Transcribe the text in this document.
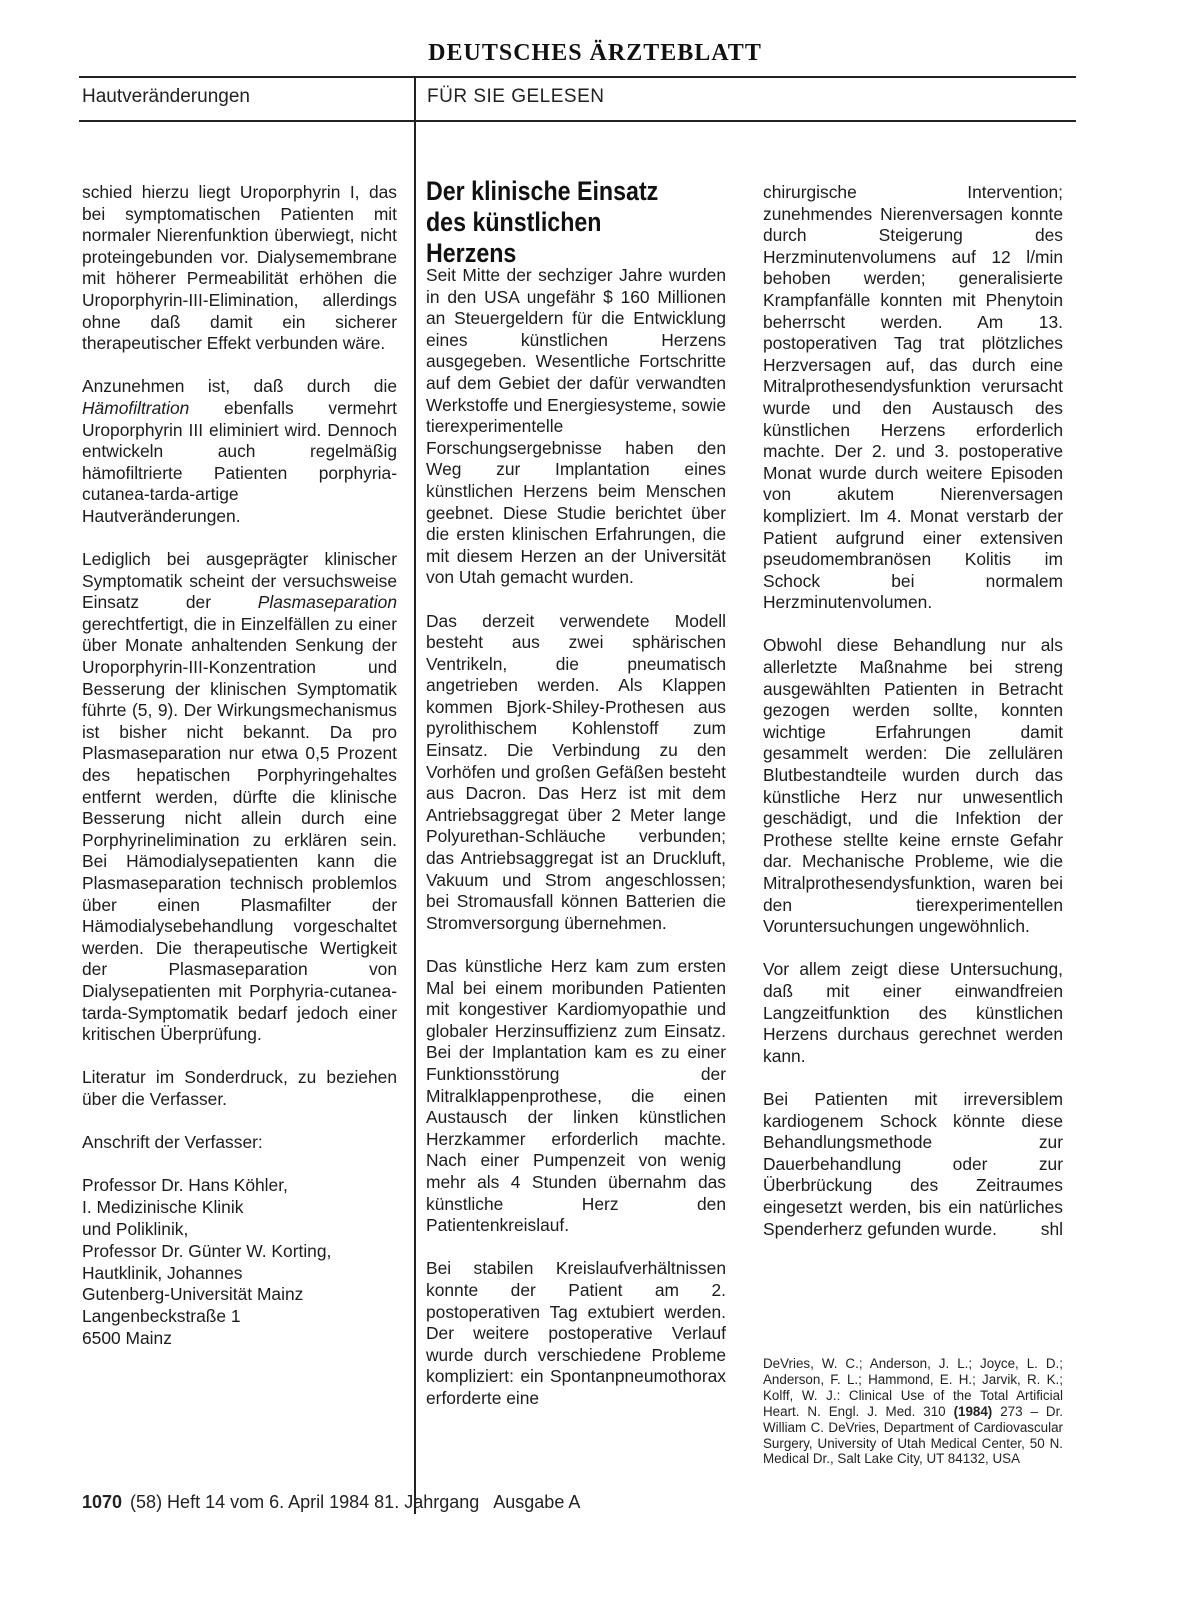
DEUTSCHES ÄRZTEBLATT
Hautveränderungen	FÜR SIE GELESEN

schied hierzu liegt Uroporphyrin I, das bei symptomatischen Patienten mit normaler Nierenfunktion überwiegt, nicht proteingebunden vor. Dialysemembrane mit höherer Permeabilität erhöhen die Uroporphyrin-III-Elimination, allerdings ohne daß damit ein sicherer therapeutischer Effekt verbunden wäre.

Anzunehmen ist, daß durch die Hämofiltration ebenfalls vermehrt Uroporphyrin III eliminiert wird. Dennoch entwickeln auch regelmäßig hämofiltrierte Patienten porphyria-cutanea-tarda-artige Hautveränderungen.

Lediglich bei ausgeprägter klinischer Symptomatik scheint der versuchsweise Einsatz der Plasmaseparation gerechtfertigt, die in Einzelfällen zu einer über Monate anhaltenden Senkung der Uroporphyrin-III-Konzentration und Besserung der klinischen Symptomatik führte (5, 9). Der Wirkungsmechanismus ist bisher nicht bekannt. Da pro Plasmaseparation nur etwa 0,5 Prozent des hepatischen Porphyringehaltes entfernt werden, dürfte die klinische Besserung nicht allein durch eine Porphyrinelimination zu erklären sein. Bei Hämodialysepatienten kann die Plasmaseparation technisch problemlos über einen Plasmafilter der Hämodialysebehandlung vorgeschaltet werden. Die therapeutische Wertigkeit der Plasmaseparation von Dialysepatienten mit Porphyria-cutanea-tarda-Symptomatik bedarf jedoch einer kritischen Überprüfung.

Literatur im Sonderdruck, zu beziehen über die Verfasser.

Anschrift der Verfasser:

Professor Dr. Hans Köhler,
I. Medizinische Klinik
und Poliklinik,
Professor Dr. Günter W. Korting,
Hautklinik, Johannes
Gutenberg-Universität Mainz
Langenbeckstraße 1
6500 Mainz
Der klinische Einsatz
des künstlichen Herzens

Seit Mitte der sechziger Jahre wurden in den USA ungefähr $ 160 Millionen an Steuergeldern für die Entwicklung eines künstlichen Herzens ausgegeben. Wesentliche Fortschritte auf dem Gebiet der dafür verwandten Werkstoffe und Energiesysteme, sowie tierexperimentelle Forschungsergebnisse haben den Weg zur Implantation eines künstlichen Herzens beim Menschen geebnet. Diese Studie berichtet über die ersten klinischen Erfahrungen, die mit diesem Herzen an der Universität von Utah gemacht wurden.

Das derzeit verwendete Modell besteht aus zwei sphärischen Ventrikeln, die pneumatisch angetrieben werden. Als Klappen kommen Bjork-Shiley-Prothesen aus pyrolithischem Kohlenstoff zum Einsatz. Die Verbindung zu den Vorhöfen und großen Gefäßen besteht aus Dacron. Das Herz ist mit dem Antriebsaggregat über 2 Meter lange Polyurethan-Schläuche verbunden; das Antriebsaggregat ist an Druckluft, Vakuum und Strom angeschlossen; bei Stromausfall können Batterien die Stromversorgung übernehmen.

Das künstliche Herz kam zum ersten Mal bei einem moribunden Patienten mit kongestiver Kardiomyopathie und globaler Herzinsuffizienz zum Einsatz. Bei der Implantation kam es zu einer Funktionsstörung der Mitralklappenprothese, die einen Austausch der linken künstlichen Herzkammer erforderlich machte. Nach einer Pumpenzeit von wenig mehr als 4 Stunden übernahm das künstliche Herz den Patientenkreislauf.

Bei stabilen Kreislaufverhältnissen konnte der Patient am 2. postoperativen Tag extubiert werden. Der weitere postoperative Verlauf wurde durch verschiedene Probleme kompliziert: ein Spontanpneumothorax erforderte eine

chirurgische Intervention; zunehmendes Nierenversagen konnte durch Steigerung des Herzminutenvolumens auf 12 l/min behoben werden; generalisierte Krampfanfälle konnten mit Phenytoin beherrscht werden. Am 13. postoperativen Tag trat plötzliches Herzversagen auf, das durch eine Mitralprothesendysfunktion verursacht wurde und den Austausch des künstlichen Herzens erforderlich machte. Der 2. und 3. postoperative Monat wurde durch weitere Episoden von akutem Nierenversagen kompliziert. Im 4. Monat verstarb der Patient aufgrund einer extensiven pseudomembranösen Kolitis im Schock bei normalem Herzminutenvolumen.

Obwohl diese Behandlung nur als allerletzte Maßnahme bei streng ausgewählten Patienten in Betracht gezogen werden sollte, konnten wichtige Erfahrungen damit gesammelt werden: Die zellulären Blutbestandteile wurden durch das künstliche Herz nur unwesentlich geschädigt, und die Infektion der Prothese stellte keine ernste Gefahr dar. Mechanische Probleme, wie die Mitralprothesendysfunktion, waren bei den tierexperimentellen Voruntersuchungen ungewöhnlich.

Vor allem zeigt diese Untersuchung, daß mit einer einwandfreien Langzeitfunktion des künstlichen Herzens durchaus gerechnet werden kann.

Bei Patienten mit irreversiblem kardiogenem Schock könnte diese Behandlungsmethode zur Dauerbehandlung oder zur Überbrückung des Zeitraumes eingesetzt werden, bis ein natürliches Spenderherz gefunden wurde.	shl

DeVries, W. C.; Anderson, J. L.; Joyce, L. D.; Anderson, F. L.; Hammond, E. H.; Jarvik, R. K.; Kolff, W. J.: Clinical Use of the Total Artificial Heart. N. Engl. J. Med. 310 (1984) 273 – Dr. William C. DeVries, Department of Cardiovascular Surgery, University of Utah Medical Center, 50 N. Medical Dr., Salt Lake City, UT 84132, USA
1070 (58) Heft 14 vom 6. April 1984 81. Jahrgang   Ausgabe A
